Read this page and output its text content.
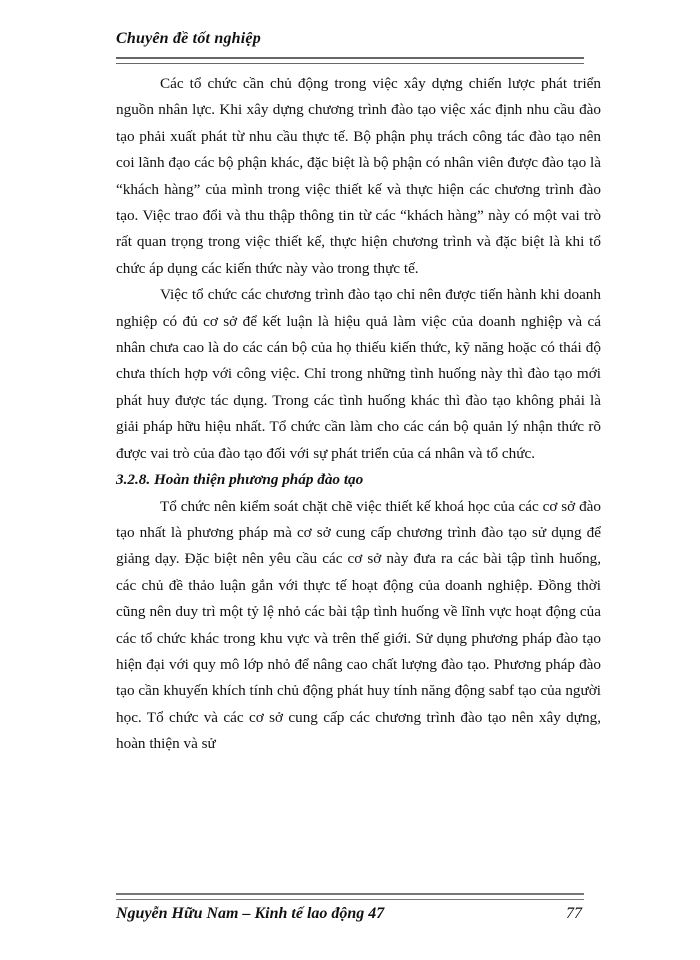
Chuyên đề tốt nghiệp

Các tổ chức cần chủ động trong việc xây dựng chiến lược phát triển nguồn nhân lực. Khi xây dựng chương trình đào tạo việc xác định nhu cầu đào tạo phải xuất phát từ nhu cầu thực tế. Bộ phận phụ trách công tác đào tạo nên coi lãnh đạo các bộ phận khác, đặc biệt là bộ phận có nhân viên được đào tạo là “khách hàng” của mình trong việc thiết kế và thực hiện các chương trình đào tạo. Việc trao đổi và thu thập thông tin từ các “khách hàng” này có một vai trò rất quan trọng trong việc thiết kế, thực hiện chương trình và đặc biệt là khi tổ chức áp dụng các kiến thức này vào trong thực tế.

Việc tổ chức các chương trình đào tạo chỉ nên được tiến hành khi doanh nghiệp có đủ cơ sở để kết luận là hiệu quả làm việc của doanh nghiệp và cá nhân chưa cao là do các cán bộ của họ thiếu kiến thức, kỹ năng hoặc có thái độ chưa thích hợp với công việc. Chỉ trong những tình huống này thì đào tạo mới phát huy được tác dụng. Trong các tình huống khác thì đào tạo không phải là giải pháp hữu hiệu nhất. Tổ chức cần làm cho các cán bộ quản lý nhận thức rõ được vai trò của đào tạo đối với sự phát triển của cá nhân và tổ chức.

3.2.8. Hoàn thiện phương pháp đào tạo

Tổ chức nên kiểm soát chặt chẽ việc thiết kế khoá học của các cơ sở đào tạo nhất là phương pháp mà cơ sở cung cấp chương trình đào tạo sử dụng để giảng dạy. Đặc biệt nên yêu cầu các cơ sở này đưa ra các bài tập tình huống, các chủ đề thảo luận gắn với thực tế hoạt động của doanh nghiệp. Đồng thời cũng nên duy trì một tỷ lệ nhỏ các bài tập tình huống về lĩnh vực hoạt động của các tổ chức khác trong khu vực và trên thế giới. Sử dụng phương pháp đào tạo hiện đại với quy mô lớp nhỏ để nâng cao chất lượng đào tạo. Phương pháp đào tạo cần khuyến khích tính chủ động phát huy tính năng động sabf tạo của người học. Tổ chức và các cơ sở cung cấp các chương trình đào tạo nên xây dựng, hoàn thiện và sử

Nguyễn Hữu Nam – Kinh tế lao động 47	77
